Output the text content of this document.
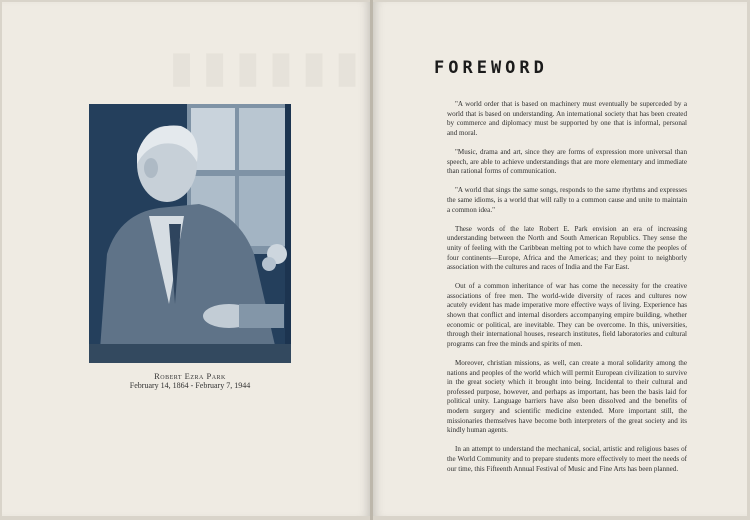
▮▮▮▮▮▮
Robert Ezra Park
February 14, 1864 - February 7, 1944
FOREWORD

"A world order that is based on machinery must eventually be superceded by a world that is based on understanding. An international society that has been created by commerce and diplomacy must be supported by one that is informal, personal and moral.

"Music, drama and art, since they are forms of expression more universal than speech, are able to achieve understandings that are more elementary and immediate than rational forms of communication.

"A world that sings the same songs, responds to the same rhythms and expresses the same idioms, is a world that will rally to a common cause and unite to maintain a common idea."

These words of the late Robert E. Park envision an era of increasing understanding between the North and South American Republics. They sense the unity of feeling with the Caribbean melting pot to which have come the peoples of four continents—Europe, Africa and the Americas; and they point to neighborly association with the cultures and races of India and the Far East.

Out of a common inheritance of war has come the necessity for the creative associations of free men. The world-wide diversity of races and cultures now acutely evident has made imperative more effective ways of living. Experience has shown that conflict and internal disorders accompanying empire building, whether economic or political, are inevitable. They can be overcome. In this, universities, through their international houses, research institutes, field laboratories and cultural programs can free the minds and spirits of men.

Moreover, christian missions, as well, can create a moral solidarity among the nations and peoples of the world which will permit European civilization to survive in the great society which it brought into being. Incidental to their cultural and professed purpose, however, and perhaps as important, has been the basis laid for political unity. Language barriers have also been dissolved and the benefits of modern surgery and scientific medicine extended. More important still, the missionaries themselves have become both interpreters of the great society and its kindly human agents.

In an attempt to understand the mechanical, social, artistic and religious bases of the World Community and to prepare students more effectively to meet the needs of our time, this Fifteenth Annual Festival of Music and Fine Arts has been planned.
